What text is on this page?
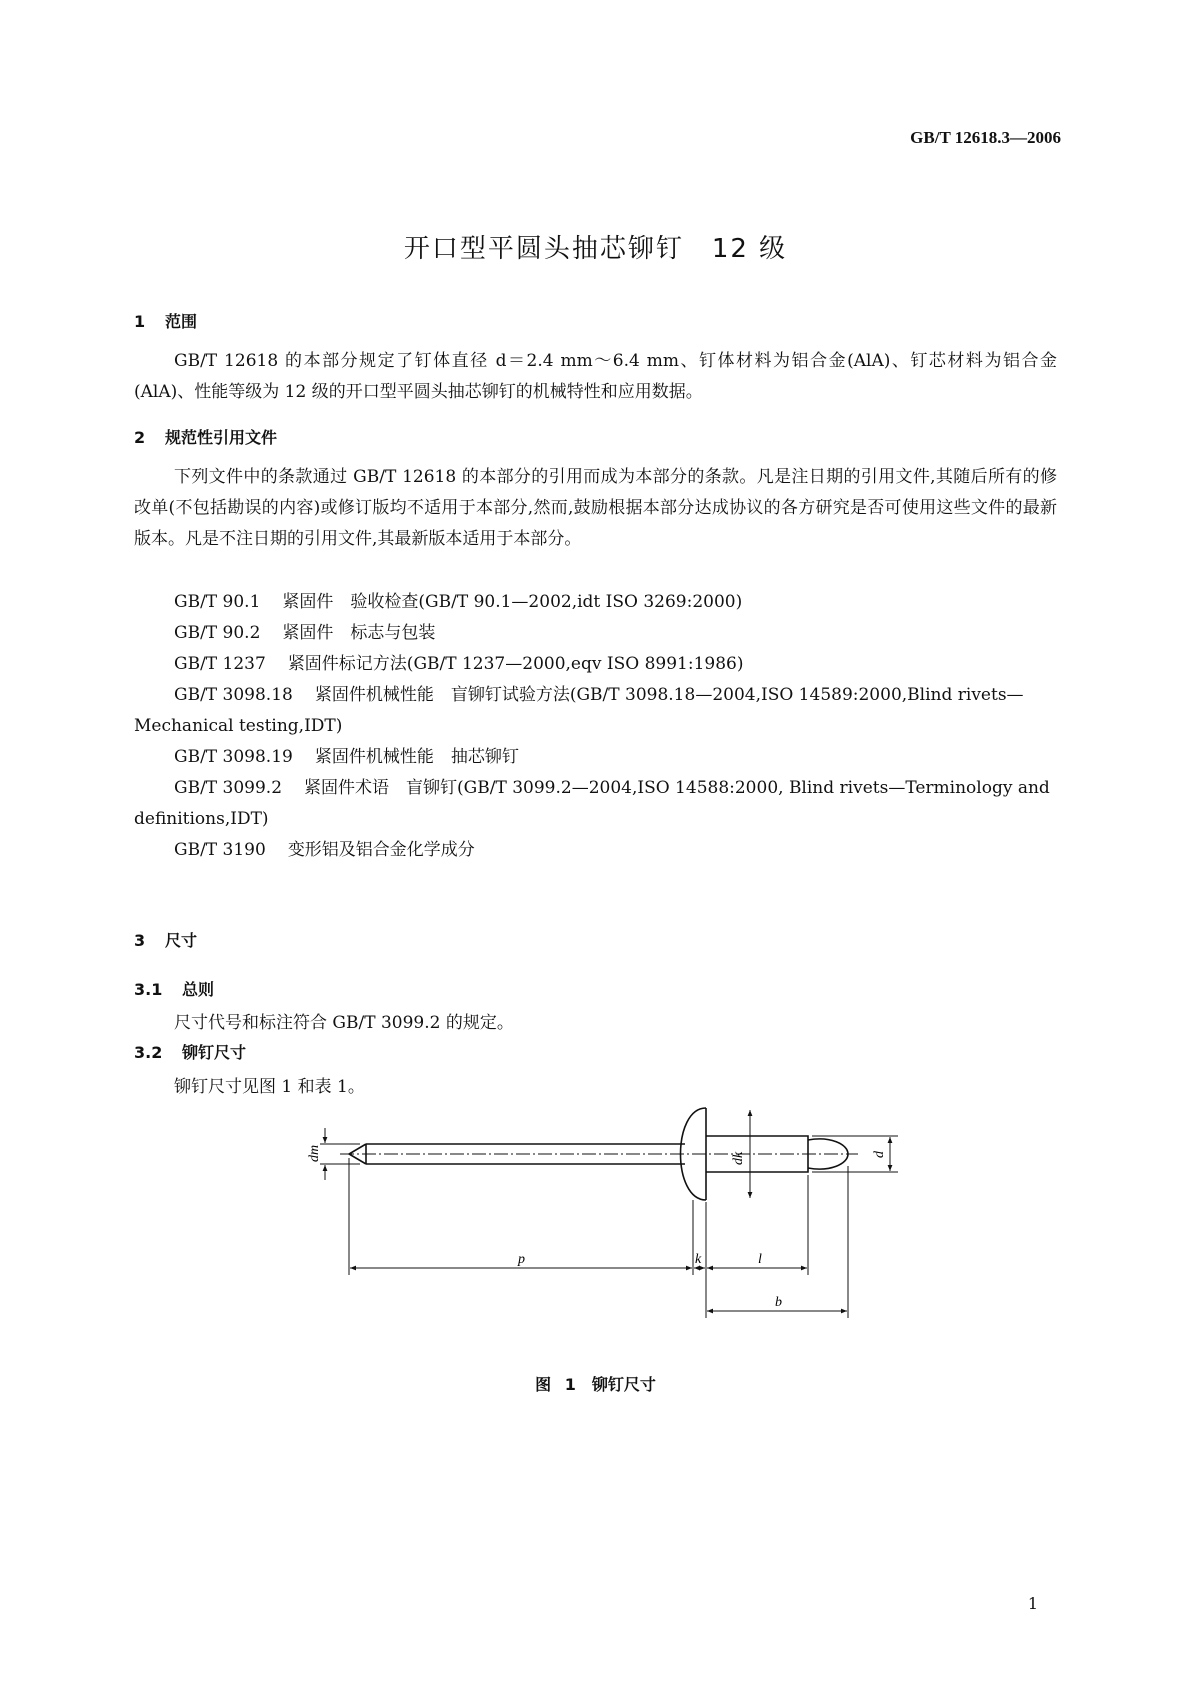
GB/T 12618.3—2006
开口型平圆头抽芯铆钉　12 级
1 范围
GB/T 12618 的本部分规定了钉体直径 d＝2.4 mm～6.4 mm、钉体材料为铝合金(AlA)、钉芯材料为铝合金(AlA)、性能等级为 12 级的开口型平圆头抽芯铆钉的机械特性和应用数据。
2 规范性引用文件
下列文件中的条款通过 GB/T 12618 的本部分的引用而成为本部分的条款。凡是注日期的引用文件,其随后所有的修改单(不包括勘误的内容)或修订版均不适用于本部分,然而,鼓励根据本部分达成协议的各方研究是否可使用这些文件的最新版本。凡是不注日期的引用文件,其最新版本适用于本部分。
GB/T 90.1 紧固件　验收检查(GB/T 90.1—2002,idt ISO 3269:2000)
GB/T 90.2 紧固件　标志与包装
GB/T 1237 紧固件标记方法(GB/T 1237—2000,eqv ISO 8991:1986)
GB/T 3098.18 紧固件机械性能　盲铆钉试验方法(GB/T 3098.18—2004,ISO 14589:2000,Blind rivets—Mechanical testing,IDT)
GB/T 3098.19 紧固件机械性能　抽芯铆钉
GB/T 3099.2 紧固件术语　盲铆钉(GB/T 3099.2—2004,ISO 14588:2000, Blind rivets—Terminology and definitions,IDT)
GB/T 3190 变形铝及铝合金化学成分
3 尺寸
3.1 总则
尺寸代号和标注符合 GB/T 3099.2 的规定。
3.2 铆钉尺寸
铆钉尺寸见图 1 和表 1。
dm	dk	d
p	k	l
b
图 1　铆钉尺寸
1
